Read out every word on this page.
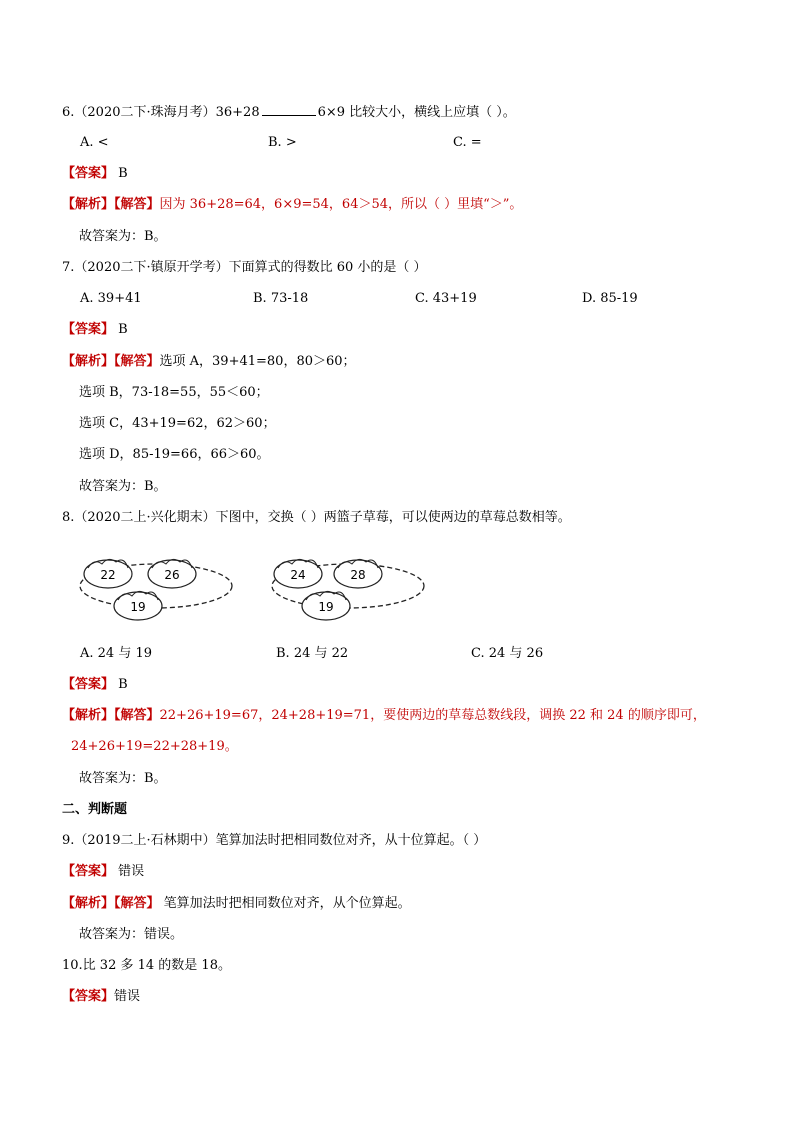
6.（2020二下·珠海月考）36+28	6×9 比较大小，横线上应填（ ）。
A. <	B. >	C. =
【答案】 B
【解析】【解答】因为 36+28=64，6×9=54，64＞54，所以（ ）里填“＞”。
故答案为：B。
7.（2020二下·镇原开学考）下面算式的得数比 60 小的是（ ）
A. 39+41	B. 73-18	C. 43+19	D. 85-19
【答案】 B
【解析】【解答】选项 A，39+41=80，80＞60；
选项 B，73-18=55，55＜60；
选项 C，43+19=62，62＞60；
选项 D，85-19=66，66＞60。
故答案为：B。
8.（2020二上·兴化期末）下图中，交换（ ）两篮子草莓，可以使两边的草莓总数相等。
22	26
19
24	28
19
A. 24 与 19	B. 24 与 22	C. 24 与 26
【答案】 B
【解析】【解答】22+26+19=67，24+28+19=71，要使两边的草莓总数线段，调换 22 和 24 的顺序即可，
24+26+19=22+28+19。
故答案为：B。
二、判断题
9.（2019二上·石林期中）笔算加法时把相同数位对齐，从十位算起。（ ）
【答案】 错误
【解析】【解答】 笔算加法时把相同数位对齐，从个位算起。
故答案为：错误。
10.比 32 多 14 的数是 18。
【答案】错误
